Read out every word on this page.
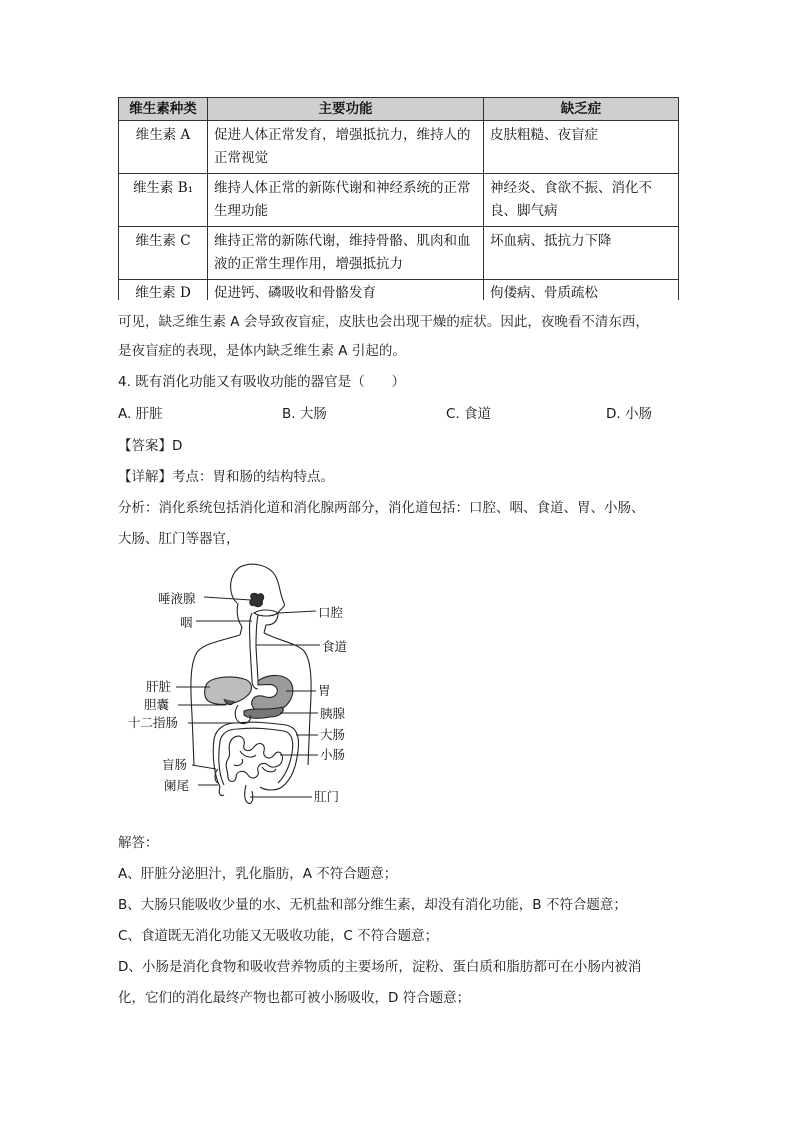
维生素种类	主要功能	缺乏症
维生素 A	促进人体正常发育，增强抵抗力，维持人的正常视觉	皮肤粗糙、夜盲症
维生素 B₁	维持人体正常的新陈代谢和神经系统的正常生理功能	神经炎、食欲不振、消化不良、脚气病
维生素 C	维持正常的新陈代谢，维持骨骼、肌肉和血液的正常生理作用，增强抵抗力	坏血病、抵抗力下降
维生素 D	促进钙、磷吸收和骨骼发育	佝偻病、骨质疏松
可见，缺乏维生素 A 会导致夜盲症，皮肤也会出现干燥的症状。因此，夜晚看不清东西，
是夜盲症的表现，是体内缺乏维生素 A 引起的。
4. 既有消化功能又有吸收功能的器官是（　　）
A. 肝脏	B. 大肠	C. 食道	D. 小肠
【答案】D
【详解】考点：胃和肠的结构特点。
分析：消化系统包括消化道和消化腺两部分，消化道包括：口腔、咽、食道、胃、小肠、
大肠、肛门等器官，
唾液腺
咽
口腔
食道
肝脏	胃
胆囊
胰腺
十二指肠
大肠
小肠
盲肠
阑尾
肛门
解答：
A、肝脏分泌胆汁，乳化脂肪，A 不符合题意；
B、大肠只能吸收少量的水、无机盐和部分维生素，却没有消化功能，B 不符合题意；
C、食道既无消化功能又无吸收功能，C 不符合题意；
D、小肠是消化食物和吸收营养物质的主要场所，淀粉、蛋白质和脂肪都可在小肠内被消
化，它们的消化最终产物也都可被小肠吸收，D 符合题意；
